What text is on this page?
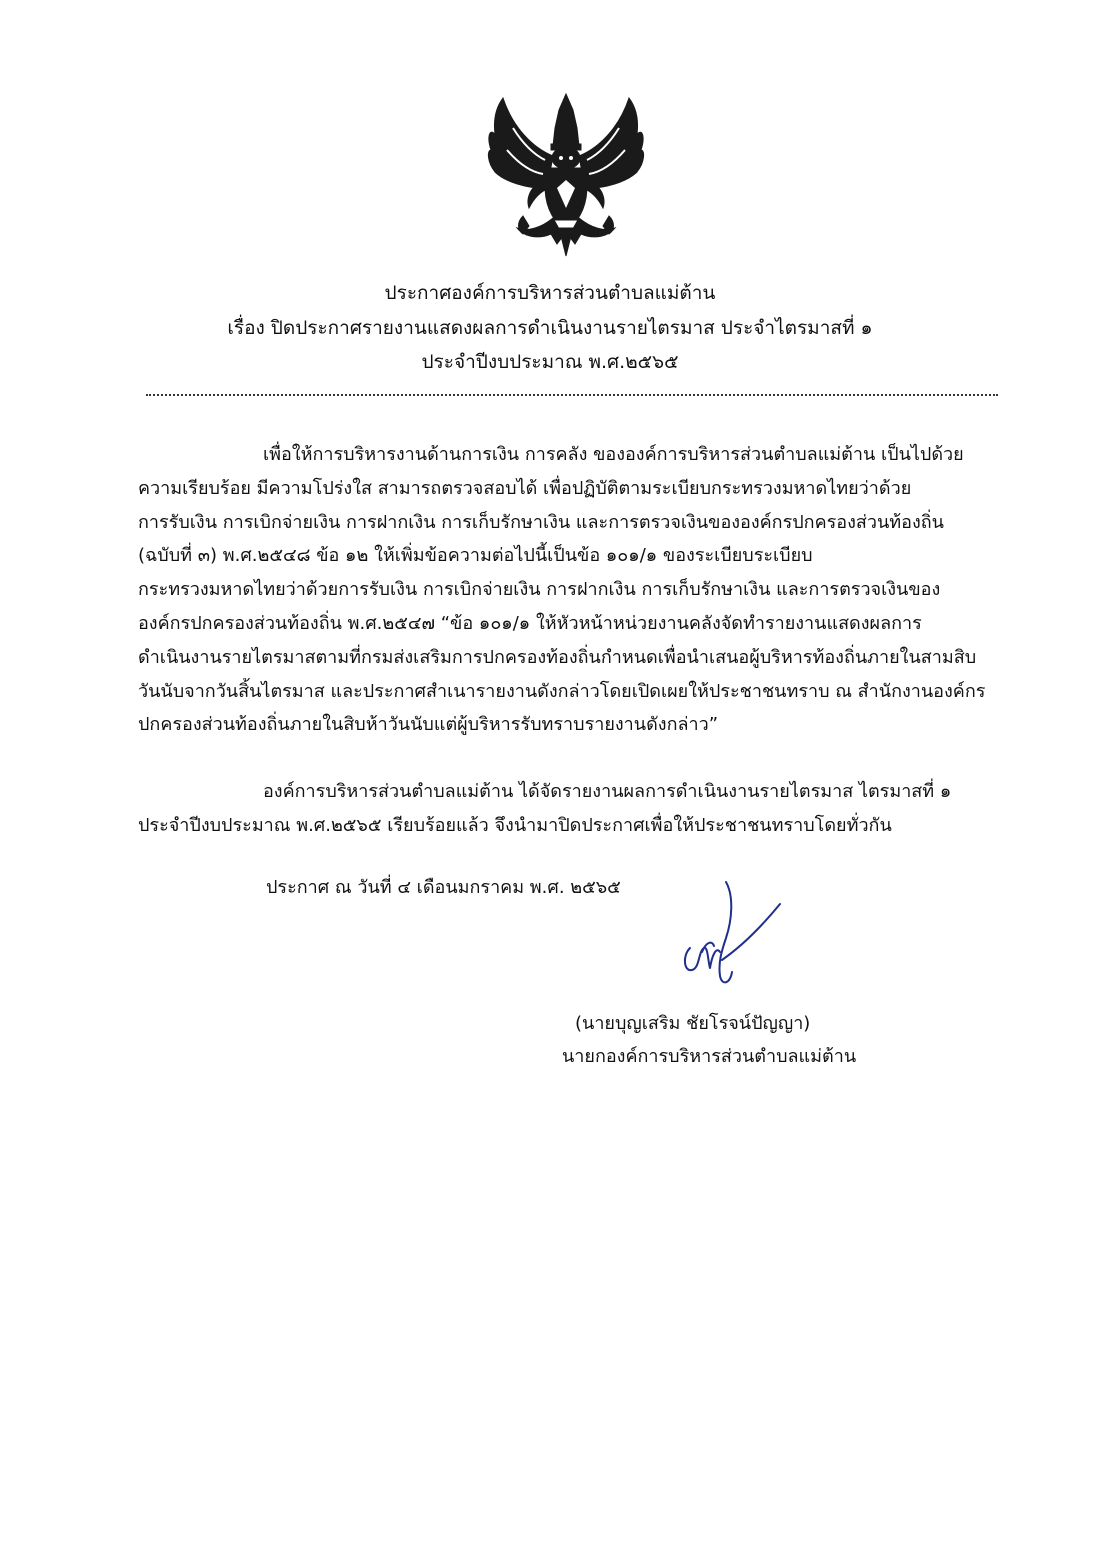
ประกาศองค์การบริหารส่วนตำบลแม่ต้าน
เรื่อง ปิดประกาศรายงานแสดงผลการดำเนินงานรายไตรมาส ประจำไตรมาสที่ ๑
ประจำปีงบประมาณ พ.ศ.๒๕๖๕
เพื่อให้การบริหารงานด้านการเงิน การคลัง ขององค์การบริหารส่วนตำบลแม่ต้าน เป็นไปด้วย
ความเรียบร้อย มีความโปร่งใส สามารถตรวจสอบได้ เพื่อปฏิบัติตามระเบียบกระทรวงมหาดไทยว่าด้วย
การรับเงิน การเบิกจ่ายเงิน การฝากเงิน การเก็บรักษาเงิน และการตรวจเงินขององค์กรปกครองส่วนท้องถิ่น
(ฉบับที่ ๓) พ.ศ.๒๕๔๘ ข้อ ๑๒ ให้เพิ่มข้อความต่อไปนี้เป็นข้อ ๑๐๑/๑ ของระเบียบระเบียบ
กระทรวงมหาดไทยว่าด้วยการรับเงิน การเบิกจ่ายเงิน การฝากเงิน การเก็บรักษาเงิน และการตรวจเงินของ
องค์กรปกครองส่วนท้องถิ่น พ.ศ.๒๕๔๗ “ข้อ ๑๐๑/๑ ให้หัวหน้าหน่วยงานคลังจัดทำรายงานแสดงผลการ
ดำเนินงานรายไตรมาสตามที่กรมส่งเสริมการปกครองท้องถิ่นกำหนดเพื่อนำเสนอผู้บริหารท้องถิ่นภายในสามสิบ
วันนับจากวันสิ้นไตรมาส และประกาศสำเนารายงานดังกล่าวโดยเปิดเผยให้ประชาชนทราบ ณ สำนักงานองค์กร
ปกครองส่วนท้องถิ่นภายในสิบห้าวันนับแต่ผู้บริหารรับทราบรายงานดังกล่าว”
องค์การบริหารส่วนตำบลแม่ต้าน ได้จัดรายงานผลการดำเนินงานรายไตรมาส ไตรมาสที่ ๑
ประจำปีงบประมาณ พ.ศ.๒๕๖๕ เรียบร้อยแล้ว จึงนำมาปิดประกาศเพื่อให้ประชาชนทราบโดยทั่วกัน
ประกาศ ณ วันที่ ๔ เดือนมกราคม พ.ศ. ๒๕๖๕
(นายบุญเสริม ชัยโรจน์ปัญญา)
นายกองค์การบริหารส่วนตำบลแม่ต้าน
